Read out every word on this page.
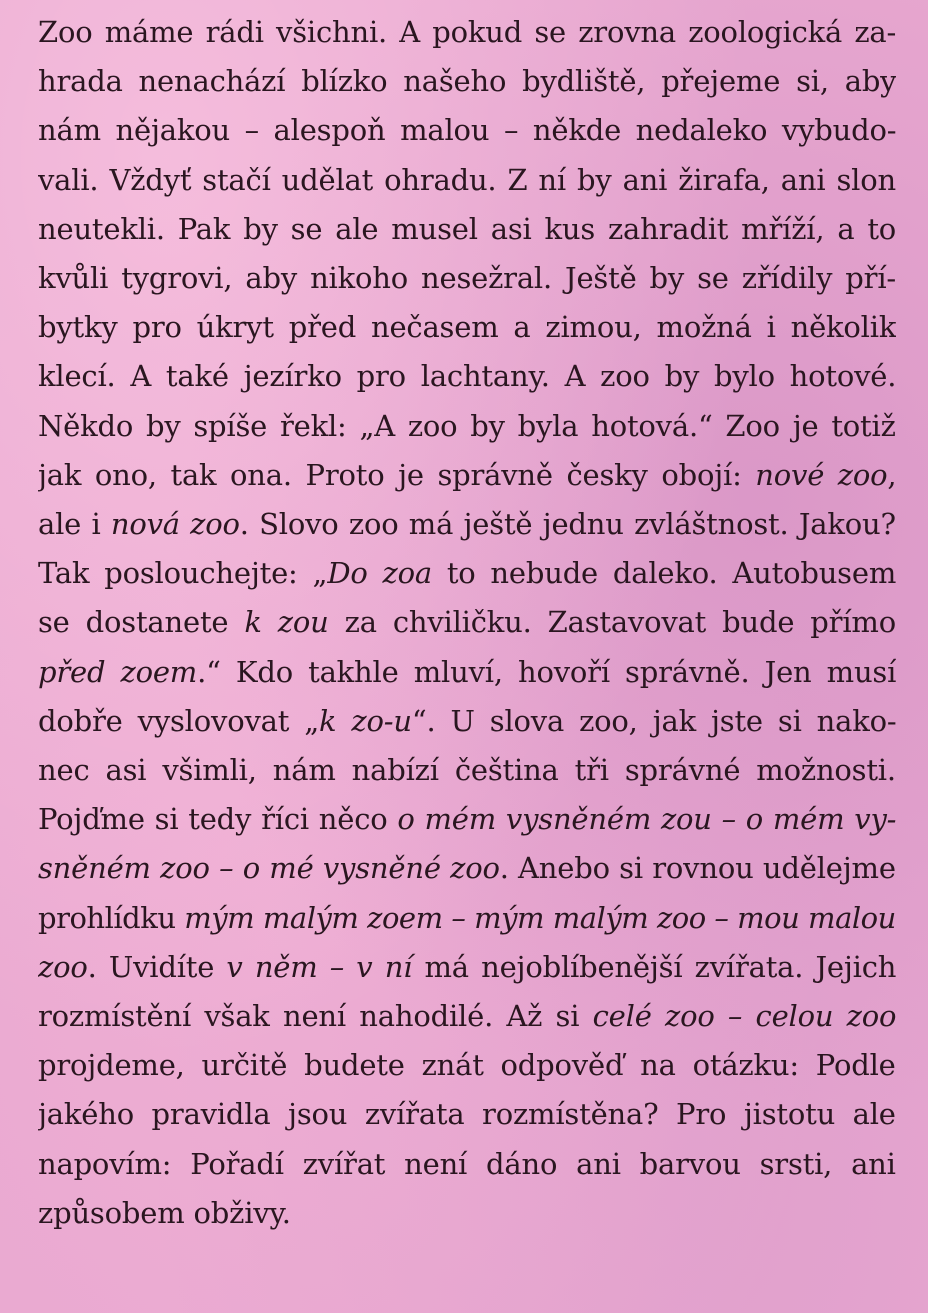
Zoo máme rádi všichni. A pokud se zrovna zoologická za-
hrada nenachází blízko našeho bydliště, přejeme si, aby
nám nějakou – alespoň malou – někde nedaleko vybudo-
vali. Vždyť stačí udělat ohradu. Z ní by ani žirafa, ani slon
neutekli. Pak by se ale musel asi kus zahradit mříží, a to
kvůli tygrovi, aby nikoho nesežral. Ještě by se zřídily pří-
bytky pro úkryt před nečasem a zimou, možná i několik
klecí. A také jezírko pro lachtany. A zoo by bylo hotové.
Někdo by spíše řekl: „A zoo by byla hotová.“ Zoo je totiž
jak ono, tak ona. Proto je správně česky obojí: nové zoo,
ale i nová zoo. Slovo zoo má ještě jednu zvláštnost. Jakou?
Tak poslouchejte: „Do zoa to nebude daleko. Autobusem
se dostanete k zou za chviličku. Zastavovat bude přímo
před zoem.“ Kdo takhle mluví, hovoří správně. Jen musí
dobře vyslovovat „k zo-u“. U slova zoo, jak jste si nako-
nec asi všimli, nám nabízí čeština tři správné možnosti.
Pojďme si tedy říci něco o mém vysněném zou – o mém vy-
sněném zoo – o mé vysněné zoo. Anebo si rovnou udělejme
prohlídku mým malým zoem – mým malým zoo – mou malou
zoo. Uvidíte v něm – v ní má nejoblíbenější zvířata. Jejich
rozmístění však není nahodilé. Až si celé zoo – celou zoo
projdeme, určitě budete znát odpověď na otázku: Podle
jakého pravidla jsou zvířata rozmístěna? Pro jistotu ale
napovím: Pořadí zvířat není dáno ani barvou srsti, ani
způsobem obživy.
